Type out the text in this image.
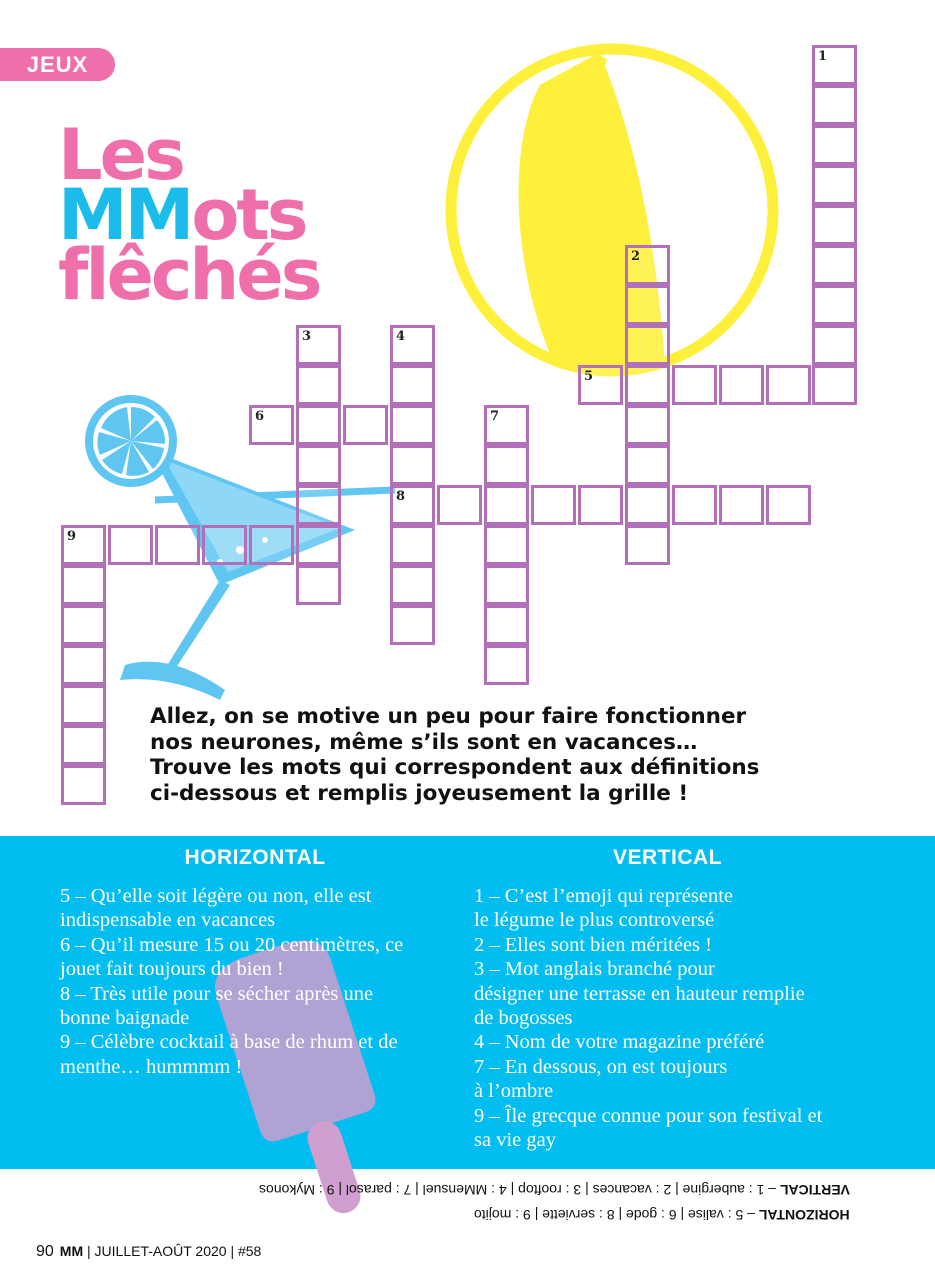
JEUX
Les
MMots
flêchés
1
2
5
3	4
8
6	7
9

Allez, on se motive un peu pour faire fonctionner
nos neurones, même s’ils sont en vacances…
Trouve les mots qui correspondent aux définitions
ci-dessous et remplis joyeusement la grille !

HORIZONTAL	VERTICAL
5 – Qu’elle soit légère ou non, elle est
indispensable en vacances
6 – Qu’il mesure 15 ou 20 centimètres, ce
jouet fait toujours du bien !
8 – Très utile pour se sécher après une
bonne baignade
9 – Célèbre cocktail à base de rhum et de
menthe… hummmm !
1 – C’est l’emoji qui représente
le légume le plus controversé
2 – Elles sont bien méritées !
3 – Mot anglais branché pour
désigner une terrasse en hauteur remplie
de bogosses
4 – Nom de votre magazine préféré
7 – En dessous, on est toujours
à l’ombre
9 – Île grecque connue pour son festival et
sa vie gay
VERTICAL – 1 : aubergine | 2 : vacances | 3 : rooftop | 4 : MMensuel | 7 : parasol | 9 : Mykonos
HORIZONTAL – 5 : valise | 6 : gode | 8 : serviette | 9 : mojito
90 MM | JUILLET-AOÛT 2020 | #58
